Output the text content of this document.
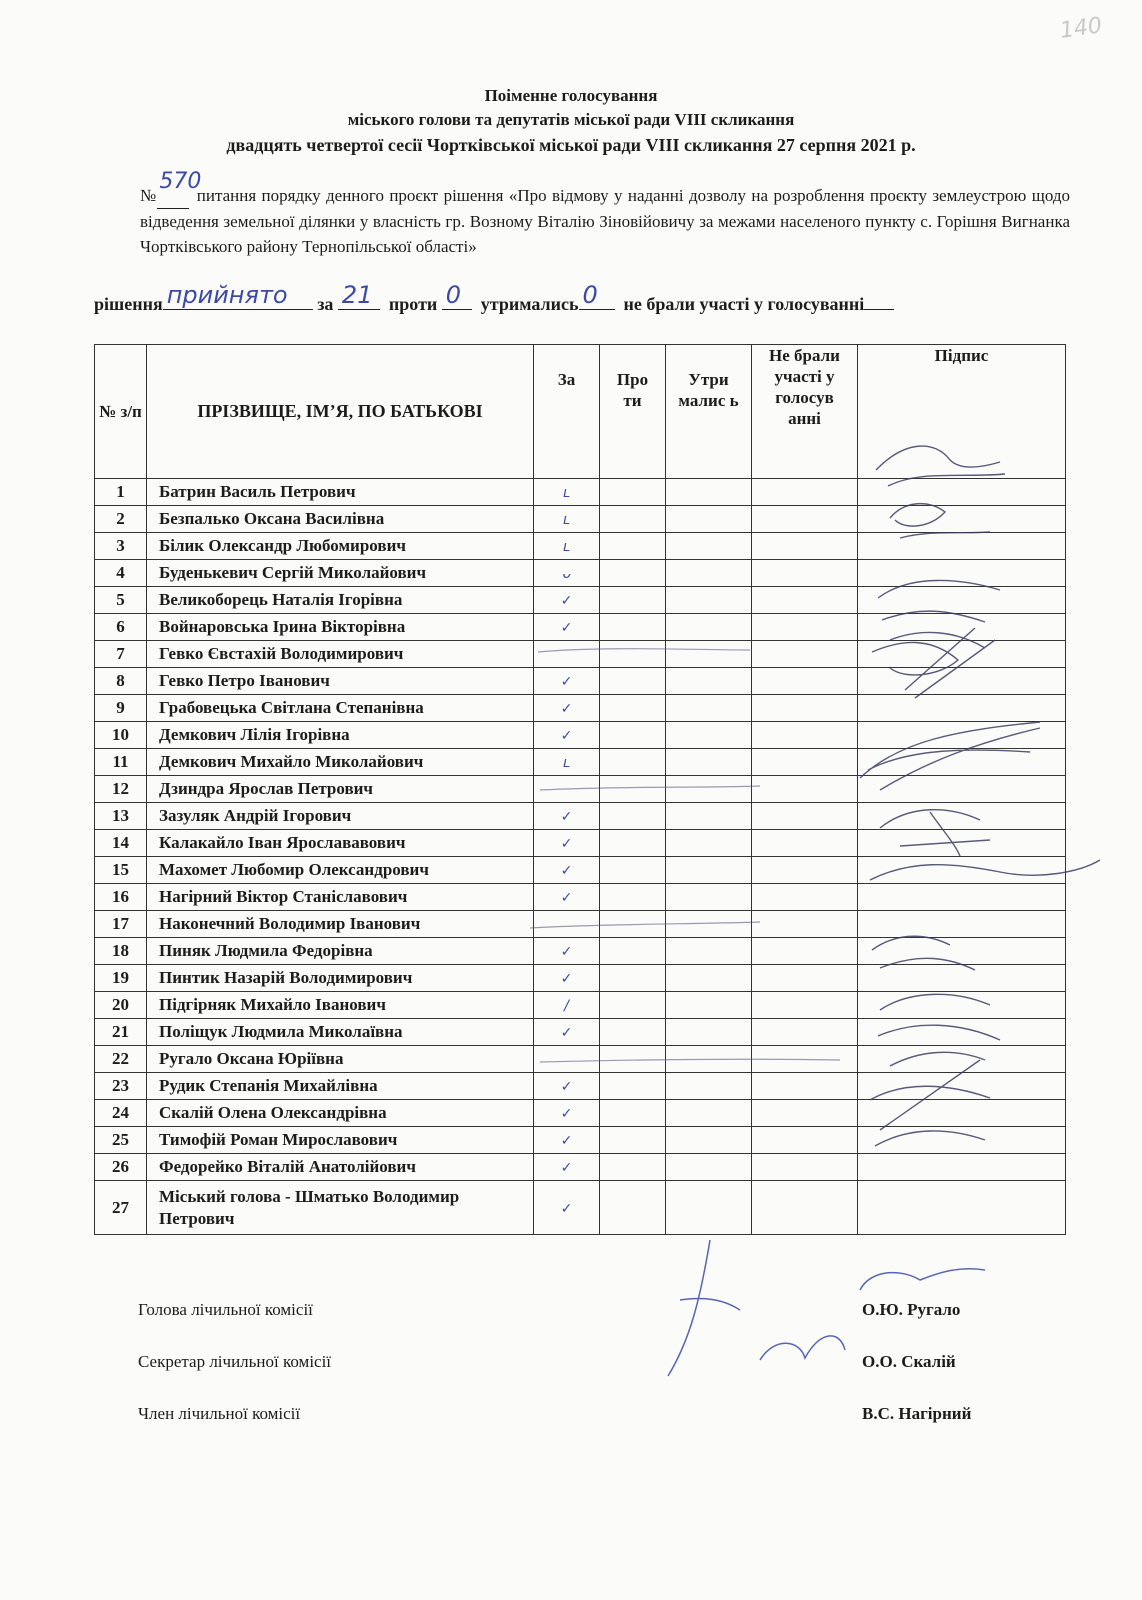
140
Поіменне голосування
міського голови та депутатів міської ради VIII скликання
двадцять четвертої сесії Чортківської міської ради VIII скликання 27 серпня 2021 р.
№
570
питання порядку денного проєкт рішення «Про відмову у наданні дозволу на розроблення проєкту землеустрою щодо відведення земельної ділянки у власність гр. Возному Віталію Зіновійовичу за межами населеного пункту с. Горішня Вигнанка Чортківського району Тернопільської області»
рішення прийнято за 21 проти 0 утримались 0 не брали участі у голосуванні
№ з/п	ПРІЗВИЩЕ, ІМ’Я, ПО БАТЬКОВІ	За	Про ти	Утри малис ь	Не брали участі у голосув анні	Підпис
1	Батрин Василь Петрович	ʟ				
2	Безпалько Оксана Василівна	ʟ				
3	Білик Олександр Любомирович	ʟ				
4	Буденькевич Сергій Миколайович	ᴗ				
5	Великоборець Наталія Ігорівна	✓				
6	Войнаровська Ірина Вікторівна	✓				
7	Гевко Євстахій Володимирович					
8	Гевко Петро Іванович	✓				
9	Грабовецька Світлана Степанівна	✓				
10	Демкович Лілія Ігорівна	✓				
11	Демкович Михайло Миколайович	ʟ				
12	Дзиндра Ярослав Петрович					
13	Зазуляк Андрій Ігорович	✓				
14	Калакайло Іван Ярослававович	✓				
15	Махомет Любомир Олександрович	✓				
16	Нагірний Віктор Станіславович	✓				
17	Наконечний Володимир Іванович					
18	Пиняк Людмила Федорівна	✓				
19	Пинтик Назарій Володимирович	✓				
20	Підгірняк Михайло Іванович	/				
21	Поліщук Людмила Миколаївна	✓				
22	Ругало Оксана Юріївна					
23	Рудик Степанія Михайлівна	✓				
24	Скалій Олена Олександрівна	✓				
25	Тимофій Роман Мирославович	✓				
26	Федорейко Віталій Анатолійович	✓				
27	Міський голова - Шматько Володимир Петрович	✓				
Голова лічильної комісії	О.Ю. Ругало
Секретар лічильної комісії	О.О. Скалій
Член лічильної комісії	В.С. Нагірний
